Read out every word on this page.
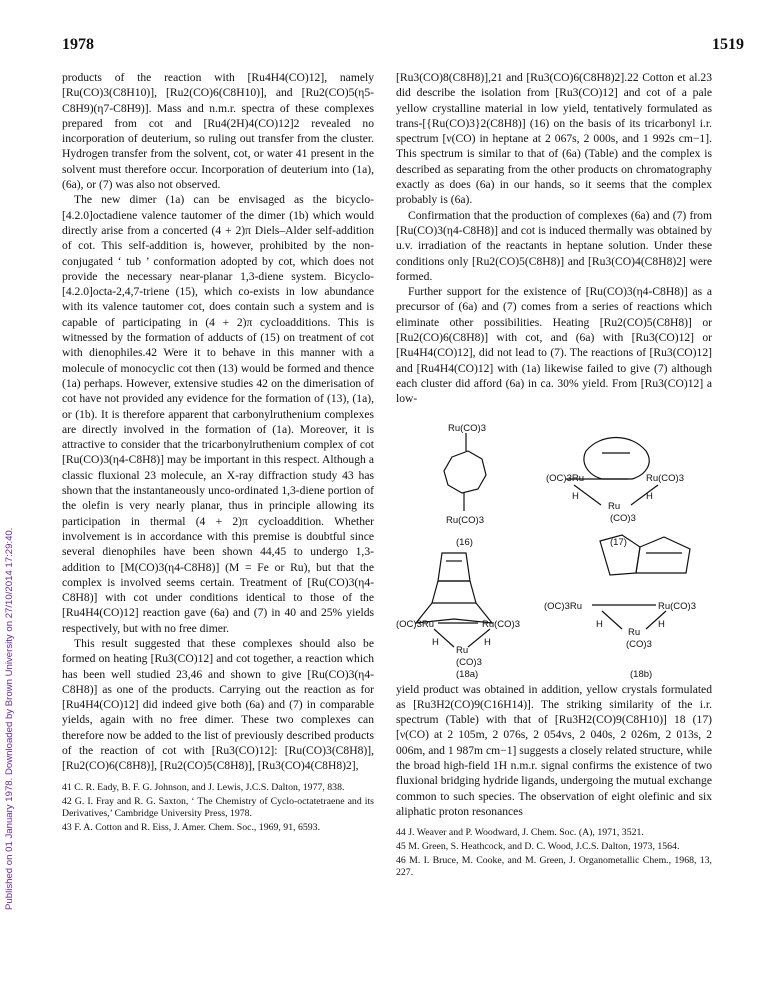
1978	1519
Published on 01 January 1978. Downloaded by Brown University on 27/10/2014 17:29:40.

products of the reaction with [Ru4H4(CO)12], namely [Ru(CO)3(C8H10)], [Ru2(CO)6(C8H10)], and [Ru2(CO)5(η5-C8H9)(η7-C8H9)]. Mass and n.m.r. spectra of these complexes prepared from cot and [Ru4(2H)4(CO)12]2 revealed no incorporation of deuterium, so ruling out transfer from the cluster. Hydrogen transfer from the solvent, cot, or water 41 present in the solvent must therefore occur. Incorporation of deuterium into (1a), (6a), or (7) was also not observed.

The new dimer (1a) can be envisaged as the bicyclo-[4.2.0]octadiene valence tautomer of the dimer (1b) which would directly arise from a concerted (4 + 2)π Diels–Alder self-addition of cot. This self-addition is, however, prohibited by the non-conjugated ‘ tub ’ conformation adopted by cot, which does not provide the necessary near-planar 1,3-diene system. Bicyclo-[4.2.0]octa-2,4,7-triene (15), which co-exists in low abundance with its valence tautomer cot, does contain such a system and is capable of participating in (4 + 2)π cycloadditions. This is witnessed by the formation of adducts of (15) on treatment of cot with dienophiles.42 Were it to behave in this manner with a molecule of monocyclic cot then (13) would be formed and thence (1a) perhaps. However, extensive studies 42 on the dimerisation of cot have not provided any evidence for the formation of (13), (1a), or (1b). It is therefore apparent that carbonylruthenium complexes are directly involved in the formation of (1a). Moreover, it is attractive to consider that the tricarbonylruthenium complex of cot [Ru(CO)3(η4-C8H8)] may be important in this respect. Although a classic fluxional 23 molecule, an X-ray diffraction study 43 has shown that the instantaneously unco-ordinated 1,3-diene portion of the olefin is very nearly planar, thus in principle allowing its participation in thermal (4 + 2)π cycloaddition. Whether involvement is in accordance with this premise is doubtful since several dienophiles have been shown 44,45 to undergo 1,3-addition to [M(CO)3(η4-C8H8)] (M = Fe or Ru), but that the complex is involved seems certain. Treatment of [Ru(CO)3(η4-C8H8)] with cot under conditions identical to those of the [Ru4H4(CO)12] reaction gave (6a) and (7) in 40 and 25% yields respectively, but with no free dimer.

This result suggested that these complexes should also be formed on heating [Ru3(CO)12] and cot together, a reaction which has been well studied 23,46 and shown to give [Ru(CO)3(η4-C8H8)] as one of the products. Carrying out the reaction as for [Ru4H4(CO)12] did indeed give both (6a) and (7) in comparable yields, again with no free dimer. These two complexes can therefore now be added to the list of previously described products of the reaction of cot with [Ru3(CO)12]: [Ru(CO)3(C8H8)], [Ru2(CO)6(C8H8)], [Ru2(CO)5(C8H8)], [Ru3(CO)4(C8H8)2],

41 C. R. Eady, B. F. G. Johnson, and J. Lewis, J.C.S. Dalton, 1977, 838.
42 G. I. Fray and R. G. Saxton, ‘ The Chemistry of Cyclo-octatetraene and its Derivatives,’ Cambridge University Press, 1978.
43 F. A. Cotton and R. Eiss, J. Amer. Chem. Soc., 1969, 91, 6593.

[Ru3(CO)8(C8H8)],21 and [Ru3(CO)6(C8H8)2].22 Cotton et al.23 did describe the isolation from [Ru3(CO)12] and cot of a pale yellow crystalline material in low yield, tentatively formulated as trans-[{Ru(CO)3}2(C8H8)] (16) on the basis of its tricarbonyl i.r. spectrum [ν(CO) in heptane at 2 067s, 2 000s, and 1 992s cm−1]. This spectrum is similar to that of (6a) (Table) and the complex is described as separating from the other products on chromatography exactly as does (6a) in our hands, so it seems that the complex probably is (6a).

Confirmation that the production of complexes (6a) and (7) from [Ru(CO)3(η4-C8H8)] and cot is induced thermally was obtained by u.v. irradiation of the reactants in heptane solution. Under these conditions only [Ru2(CO)5(C8H8)] and [Ru3(CO)4(C8H8)2] were formed.

Further support for the existence of [Ru(CO)3(η4-C8H8)] as a precursor of (6a) and (7) comes from a series of reactions which eliminate other possibilities. Heating [Ru2(CO)5(C8H8)] or [Ru2(CO)6(C8H8)] with cot, and (6a) with [Ru3(CO)12] or [Ru4H4(CO)12], did not lead to (7). The reactions of [Ru3(CO)12] and [Ru4H4(CO)12] with (1a) likewise failed to give (7) although each cluster did afford (6a) in ca. 30% yield. From [Ru3(CO)12] a low-

Ru(CO)3
Ru(CO)3
(16)
(OC)3Ru	Ru(CO)3
H
Ru
H
(CO)3
(17)
(OC)3Ru	Ru(CO)3
H
Ru
H
(CO)3
(18a)
(OC)3Ru	Ru(CO)3
H
Ru
H
(CO)3
(18b)

yield product was obtained in addition, yellow crystals formulated as [Ru3H2(CO)9(C16H14)]. The striking similarity of the i.r. spectrum (Table) with that of [Ru3H2(CO)9(C8H10)] 18 (17) [ν(CO) at 2 105m, 2 076s, 2 054vs, 2 040s, 2 026m, 2 013s, 2 006m, and 1 987m cm−1] suggests a closely related structure, while the broad high-field 1H n.m.r. signal confirms the existence of two fluxional bridging hydride ligands, undergoing the mutual exchange common to such species. The observation of eight olefinic and six aliphatic proton resonances

44 J. Weaver and P. Woodward, J. Chem. Soc. (A), 1971, 3521.
45 M. Green, S. Heathcock, and D. C. Wood, J.C.S. Dalton, 1973, 1564.
46 M. I. Bruce, M. Cooke, and M. Green, J. Organometallic Chem., 1968, 13, 227.
